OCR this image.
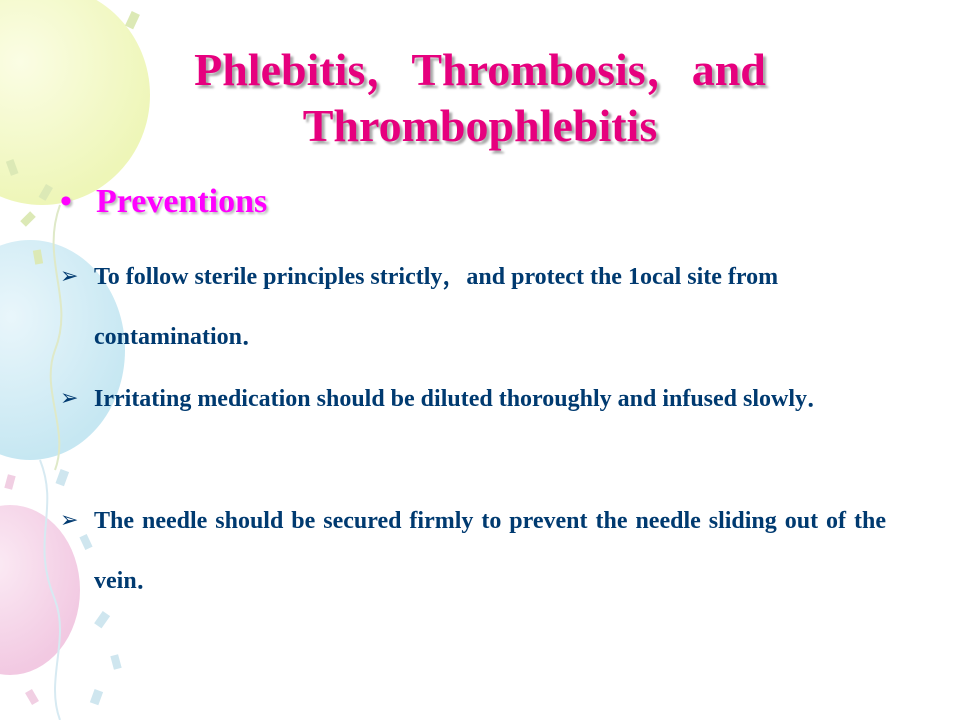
Phlebitis，Thrombosis，and
Thrombophlebitis
• Preventions
➢ To follow sterile principles strictly，and protect the 1ocal site from contamination．
➢ Irritating medication should be diluted thoroughly and infused slowly．
➢ The needle should be secured firmly to prevent the needle sliding out of the vein．
